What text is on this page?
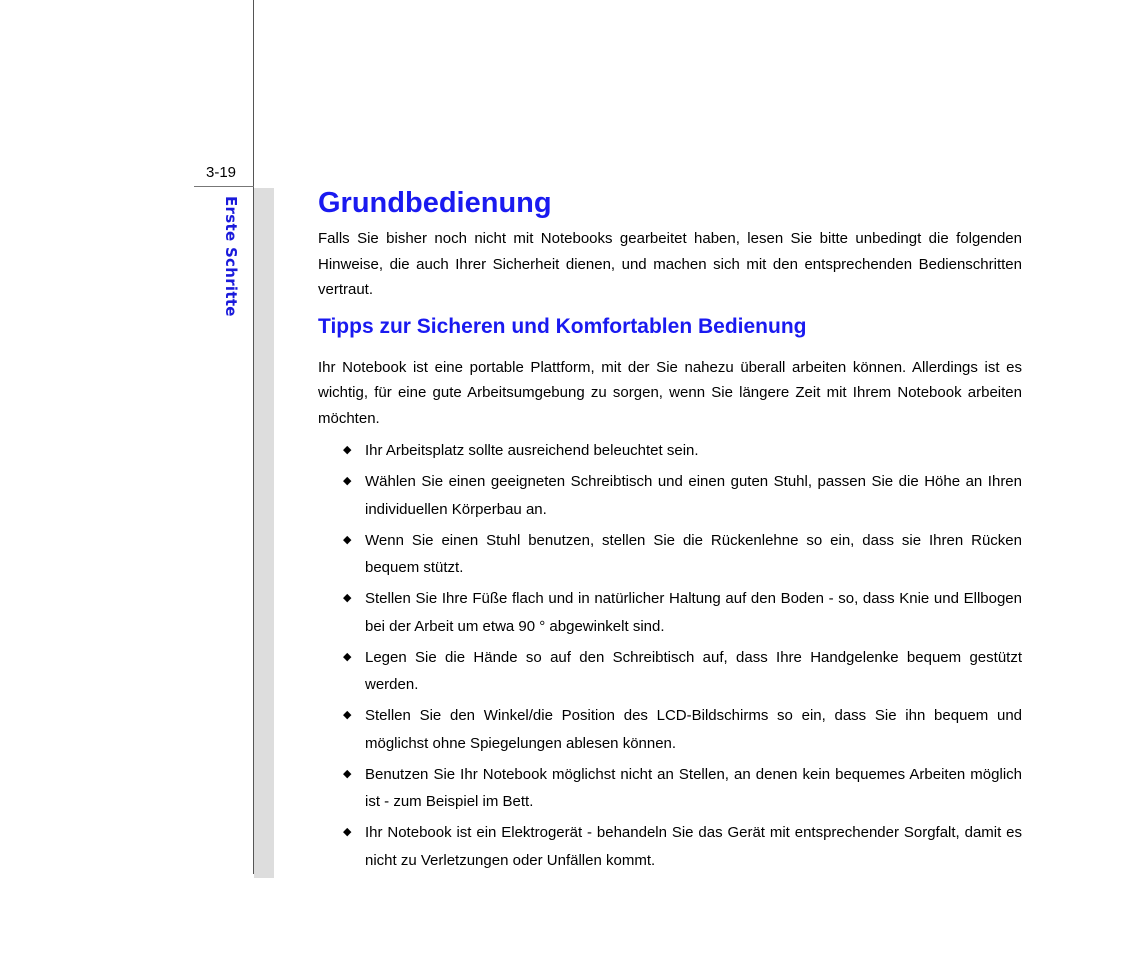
3-19
Erste Schritte	Grundbedienung

Falls Sie bisher noch nicht mit Notebooks gearbeitet haben, lesen Sie bitte unbedingt die folgenden Hinweise, die auch Ihrer Sicherheit dienen, und machen sich mit den entsprechenden Bedienschritten vertraut.

Tipps zur Sicheren und Komfortablen Bedienung

Ihr Notebook ist eine portable Plattform, mit der Sie nahezu überall arbeiten können. Allerdings ist es wichtig, für eine gute Arbeitsumgebung zu sorgen, wenn Sie längere Zeit mit Ihrem Notebook arbeiten möchten.

◆ Ihr Arbeitsplatz sollte ausreichend beleuchtet sein.
◆ Wählen Sie einen geeigneten Schreibtisch und einen guten Stuhl, passen Sie die Höhe an Ihren individuellen Körperbau an.
◆ Wenn Sie einen Stuhl benutzen, stellen Sie die Rückenlehne so ein, dass sie Ihren Rücken bequem stützt.
◆ Stellen Sie Ihre Füße flach und in natürlicher Haltung auf den Boden - so, dass Knie und Ellbogen bei der Arbeit um etwa 90 ° abgewinkelt sind.
◆ Legen Sie die Hände so auf den Schreibtisch auf, dass Ihre Handgelenke bequem gestützt werden.
◆ Stellen Sie den Winkel/die Position des LCD-Bildschirms so ein, dass Sie ihn bequem und möglichst ohne Spiegelungen ablesen können.
◆ Benutzen Sie Ihr Notebook möglichst nicht an Stellen, an denen kein bequemes Arbeiten möglich ist - zum Beispiel im Bett.
◆ Ihr Notebook ist ein Elektrogerät - behandeln Sie das Gerät mit entsprechender Sorgfalt, damit es nicht zu Verletzungen oder Unfällen kommt.
